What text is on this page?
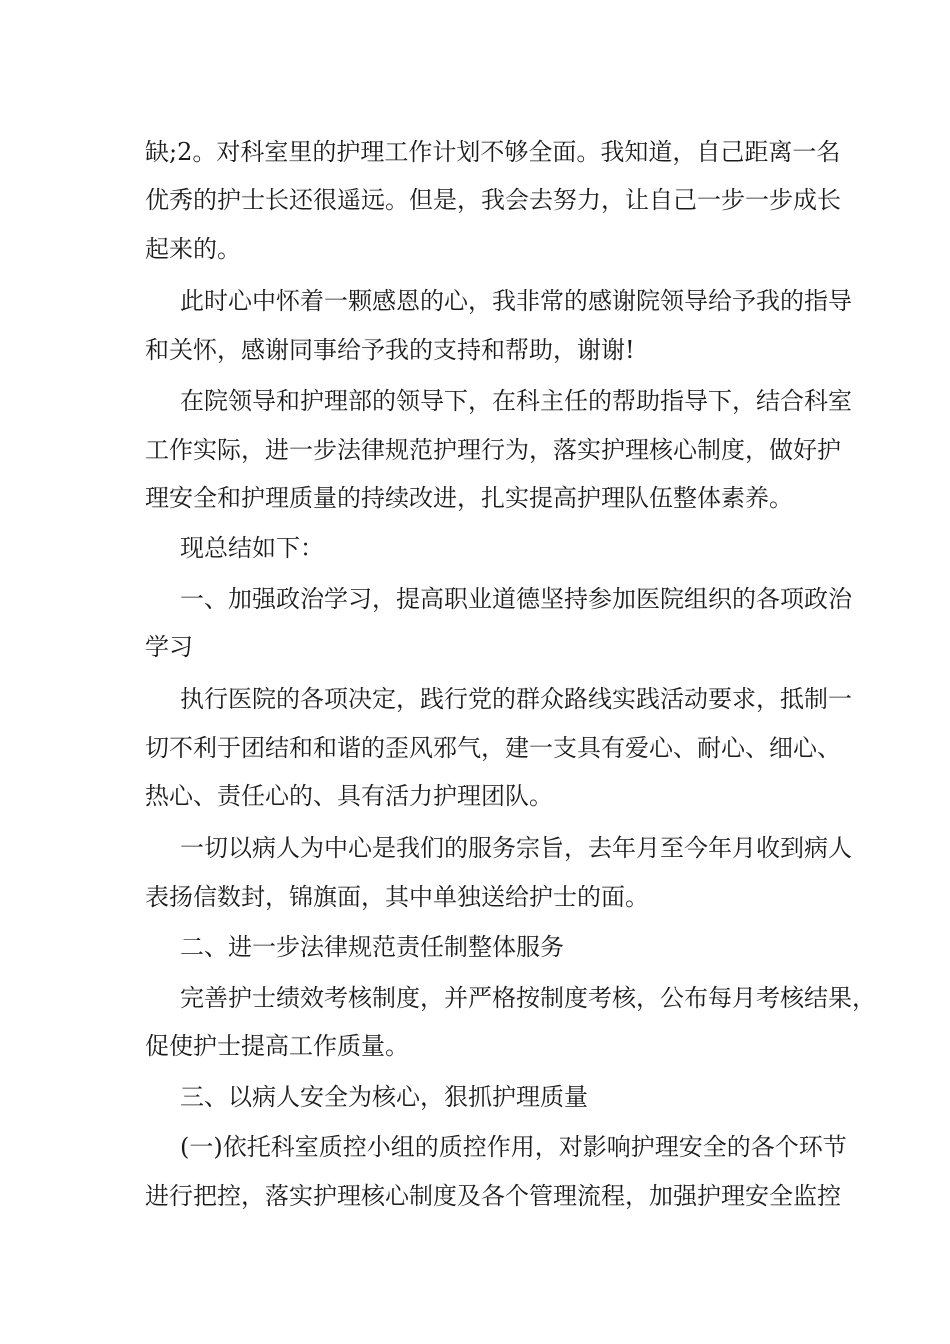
缺;2。对科室里的护理工作计划不够全面。我知道，自己距离一名
优秀的护士长还很遥远。但是，我会去努力，让自己一步一步成长
起来的。
此时心中怀着一颗感恩的心，我非常的感谢院领导给予我的指导
和关怀，感谢同事给予我的支持和帮助，谢谢!
在院领导和护理部的领导下，在科主任的帮助指导下，结合科室
工作实际，进一步法律规范护理行为，落实护理核心制度，做好护
理安全和护理质量的持续改进，扎实提高护理队伍整体素养。
现总结如下：
一、加强政治学习，提高职业道德坚持参加医院组织的各项政治
学习
执行医院的各项决定，践行党的群众路线实践活动要求，抵制一
切不利于团结和和谐的歪风邪气，建一支具有爱心、耐心、细心、
热心、责任心的、具有活力护理团队。
一切以病人为中心是我们的服务宗旨，去年月至今年月收到病人
表扬信数封，锦旗面，其中单独送给护士的面。
二、进一步法律规范责任制整体服务
完善护士绩效考核制度，并严格按制度考核，公布每月考核结果，
促使护士提高工作质量。
三、以病人安全为核心，狠抓护理质量
(一)依托科室质控小组的质控作用，对影响护理安全的各个环节
进行把控，落实护理核心制度及各个管理流程，加强护理安全监控
